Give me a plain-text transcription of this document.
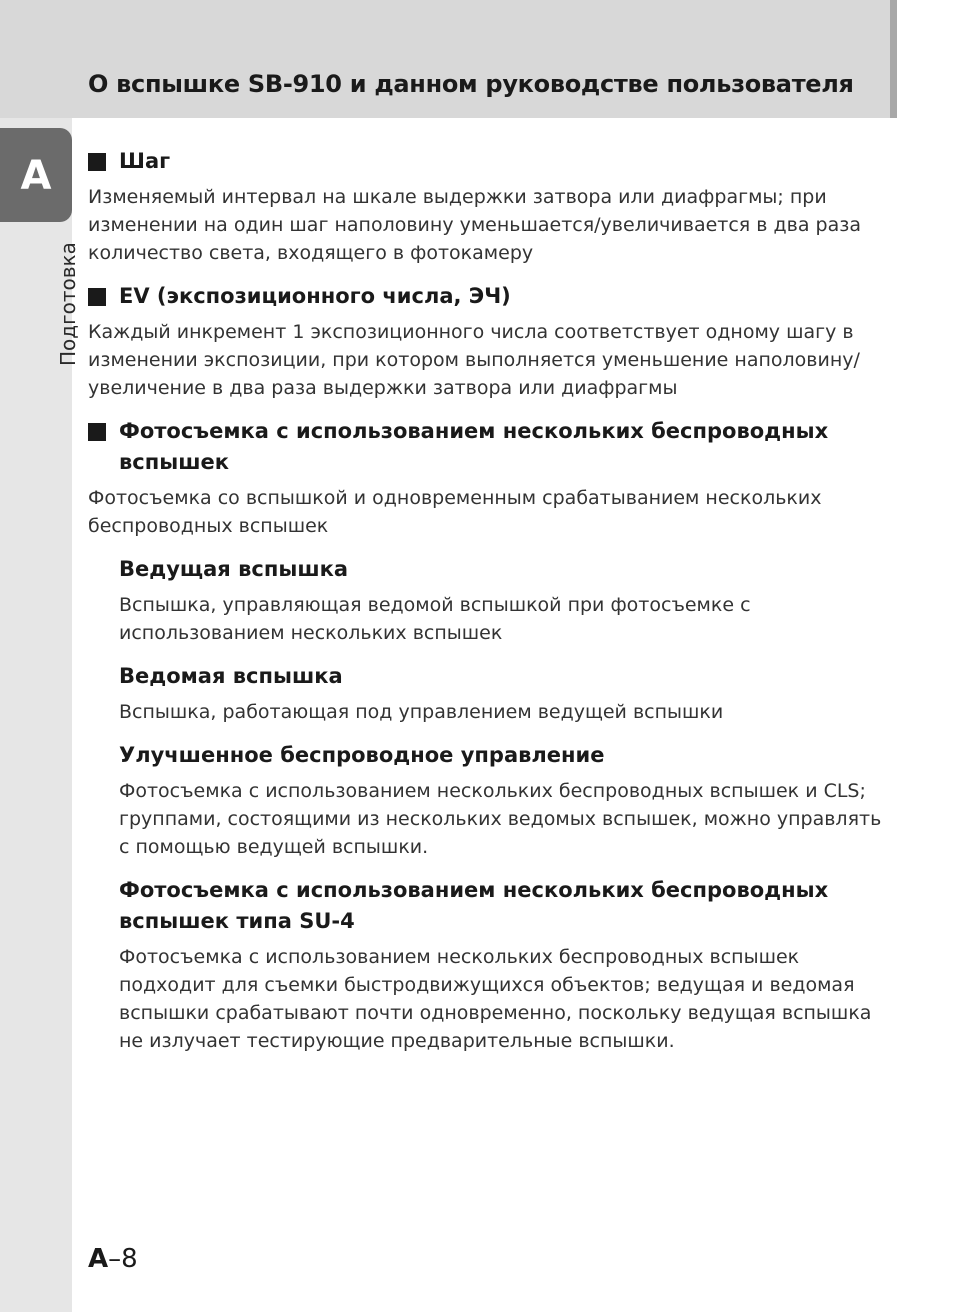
О вспышке SB-910 и данном руководстве пользователя
A
Подготовка
Шаг

Изменяемый интервал на шкале выдержки затвора или диафрагмы; при изменении на один шаг наполовину уменьшается/увеличивается в два раза количество света, входящего в фотокамеру

EV (экспозиционного числа, ЭЧ)

Каждый инкремент 1 экспозиционного числа соответствует одному шагу в изменении экспозиции, при котором выполняется уменьшение наполовину/ увеличение в два раза выдержки затвора или диафрагмы

Фотосъемка с использованием нескольких беспроводных вспышек

Фотосъемка со вспышкой и одновременным срабатыванием нескольких беспроводных вспышек

Ведущая вспышка

Вспышка, управляющая ведомой вспышкой при фотосъемке с использованием нескольких вспышек

Ведомая вспышка

Вспышка, работающая под управлением ведущей вспышки

Улучшенное беспроводное управление

Фотосъемка с использованием нескольких беспроводных вспышек и CLS; группами, состоящими из нескольких ведомых вспышек, можно управлять с помощью ведущей вспышки.

Фотосъемка с использованием нескольких беспроводных вспышек типа SU-4

Фотосъемка с использованием нескольких беспроводных вспышек подходит для съемки быстродвижущихся объектов; ведущая и ведомая вспышки срабатывают почти одновременно, поскольку ведущая вспышка не излучает тестирующие предварительные вспышки.

A–8
